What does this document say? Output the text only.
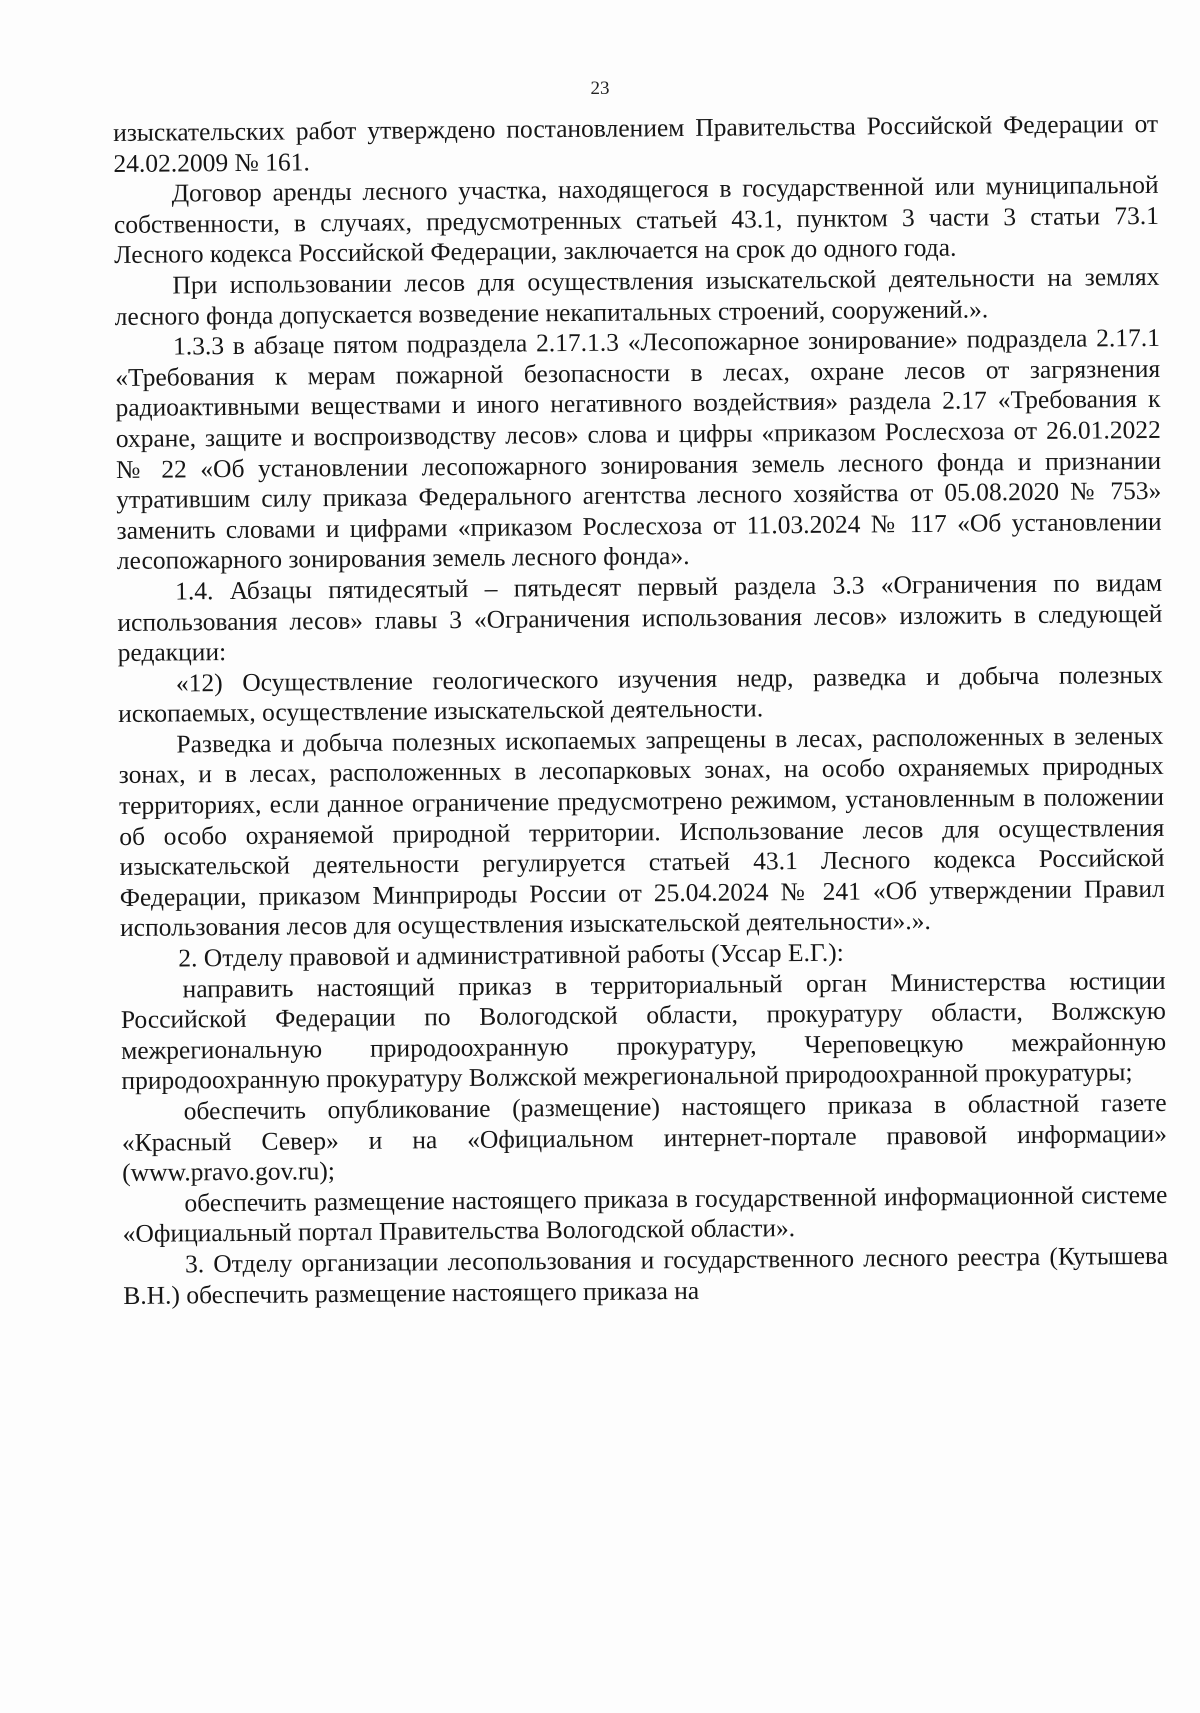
23

изыскательских работ утверждено постановлением Правительства Российской Федерации от 24.02.2009 № 161.

Договор аренды лесного участка, находящегося в государственной или муниципальной собственности, в случаях, предусмотренных статьей 43.1, пунктом 3 части 3 статьи 73.1 Лесного кодекса Российской Федерации, заключается на срок до одного года.

При использовании лесов для осуществления изыскательской деятельности на землях лесного фонда допускается возведение некапитальных строений, сооружений.».

1.3.3 в абзаце пятом подраздела 2.17.1.3 «Лесопожарное зонирование» подраздела 2.17.1 «Требования к мерам пожарной безопасности в лесах, охране лесов от загрязнения радиоактивными веществами и иного негативного воздействия» раздела 2.17 «Требования к охране, защите и воспроизводству лесов» слова и цифры «приказом Рослесхоза от 26.01.2022 № 22 «Об установлении лесопожарного зонирования земель лесного фонда и признании утратившим силу приказа Федерального агентства лесного хозяйства от 05.08.2020 № 753» заменить словами и цифрами «приказом Рослесхоза от 11.03.2024 № 117 «Об установлении лесопожарного зонирования земель лесного фонда».

1.4. Абзацы пятидесятый – пятьдесят первый раздела 3.3 «Ограничения по видам использования лесов» главы 3 «Ограничения использования лесов» изложить в следующей редакции:

«12) Осуществление геологического изучения недр, разведка и добыча полезных ископаемых, осуществление изыскательской деятельности.

Разведка и добыча полезных ископаемых запрещены в лесах, расположенных в зеленых зонах, и в лесах, расположенных в лесопарковых зонах, на особо охраняемых природных территориях, если данное ограничение предусмотрено режимом, установленным в положении об особо охраняемой природной территории. Использование лесов для осуществления изыскательской деятельности регулируется статьей 43.1 Лесного кодекса Российской Федерации, приказом Минприроды России от 25.04.2024 № 241 «Об утверждении Правил использования лесов для осуществления изыскательской деятельности».».

2. Отделу правовой и административной работы (Уссар Е.Г.):

направить настоящий приказ в территориальный орган Министерства юстиции Российской Федерации по Вологодской области, прокуратуру области, Волжскую межрегиональную природоохранную прокуратуру, Череповецкую межрайонную природоохранную прокуратуру Волжской межрегиональной природоохранной прокуратуры;

обеспечить опубликование (размещение) настоящего приказа в областной газете «Красный Север» и на «Официальном интернет-портале правовой информации» (www.pravo.gov.ru);

обеспечить размещение настоящего приказа в государственной информационной системе «Официальный портал Правительства Вологодской области».

3. Отделу организации лесопользования и государственного лесного реестра (Кутышева В.Н.) обеспечить размещение настоящего приказа на
